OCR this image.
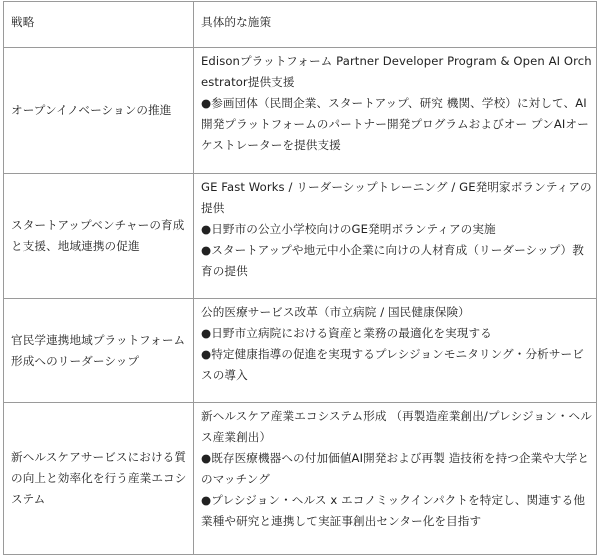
戦略	具体的な施策
オープンイノベーションの推進	Edisonプラットフォーム Partner Developer Program & Open AI Orchestrator提供支援
●参画団体（民間企業、スタートアップ、研究 機関、学校）に対して、AI開発プラットフォームのパートナー開発プログラムおよびオー プンAIオーケストレーターを提供支援

スタートアップベンチャーの育成と支援、地域連携の促進	GE Fast Works / リーダーシップトレーニング / GE発明家ボランティアの提供
●日野市の公立小学校向けのGE発明ボランティアの実施
●スタートアップや地元中小企業に向けの人材育成（リーダーシップ）教育の提供

官民学連携地域プラットフォーム形成へのリーダーシップ	公的医療サービス改革（市立病院 / 国民健康保険）
●日野市立病院における資産と業務の最適化を実現する
●特定健康指導の促進を実現するプレシジョンモニタリング・分析サービスの導入

新ヘルスケアサービスにおける質の向上と効率化を行う産業エコシステム	新ヘルスケア産業エコシステム形成 （再製造産業創出/プレシジョン・ヘルス産業創出）
●既存医療機器への付加価値AI開発および再製 造技術を持つ企業や大学とのマッチング
●プレシジョン・ヘルス x エコノミックインパクトを特定し、関連する他業種や研究と連携して実証事創出センター化を目指す
